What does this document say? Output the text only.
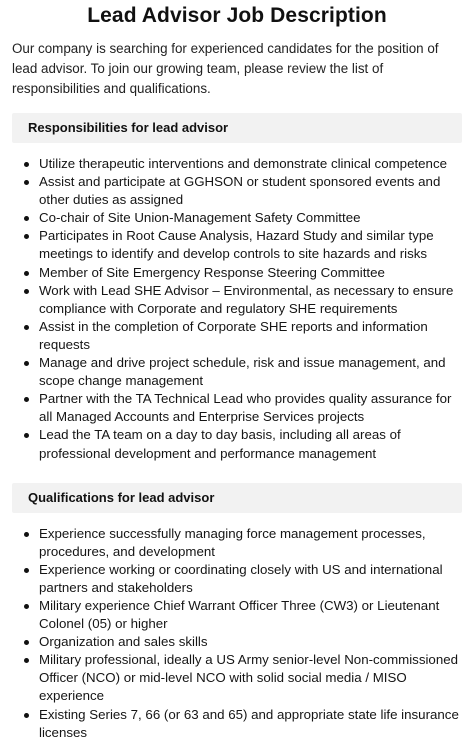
Lead Advisor Job Description

Our company is searching for experienced candidates for the position of lead advisor. To join our growing team, please review the list of responsibilities and qualifications.

Responsibilities for lead advisor
Utilize therapeutic interventions and demonstrate clinical competence
Assist and participate at GGHSON or student sponsored events and other duties as assigned
Co-chair of Site Union-Management Safety Committee
Participates in Root Cause Analysis, Hazard Study and similar type meetings to identify and develop controls to site hazards and risks
Member of Site Emergency Response Steering Committee
Work with Lead SHE Advisor – Environmental, as necessary to ensure compliance with Corporate and regulatory SHE requirements
Assist in the completion of Corporate SHE reports and information requests
Manage and drive project schedule, risk and issue management, and scope change management
Partner with the TA Technical Lead who provides quality assurance for all Managed Accounts and Enterprise Services projects
Lead the TA team on a day to day basis, including all areas of professional development and performance management
Qualifications for lead advisor
Experience successfully managing force management processes, procedures, and development
Experience working or coordinating closely with US and international partners and stakeholders
Military experience Chief Warrant Officer Three (CW3) or Lieutenant Colonel (05) or higher
Organization and sales skills
Military professional, ideally a US Army senior-level Non-commissioned Officer (NCO) or mid-level NCO with solid social media / MISO experience
Existing Series 7, 66 (or 63 and 65) and appropriate state life insurance licenses
